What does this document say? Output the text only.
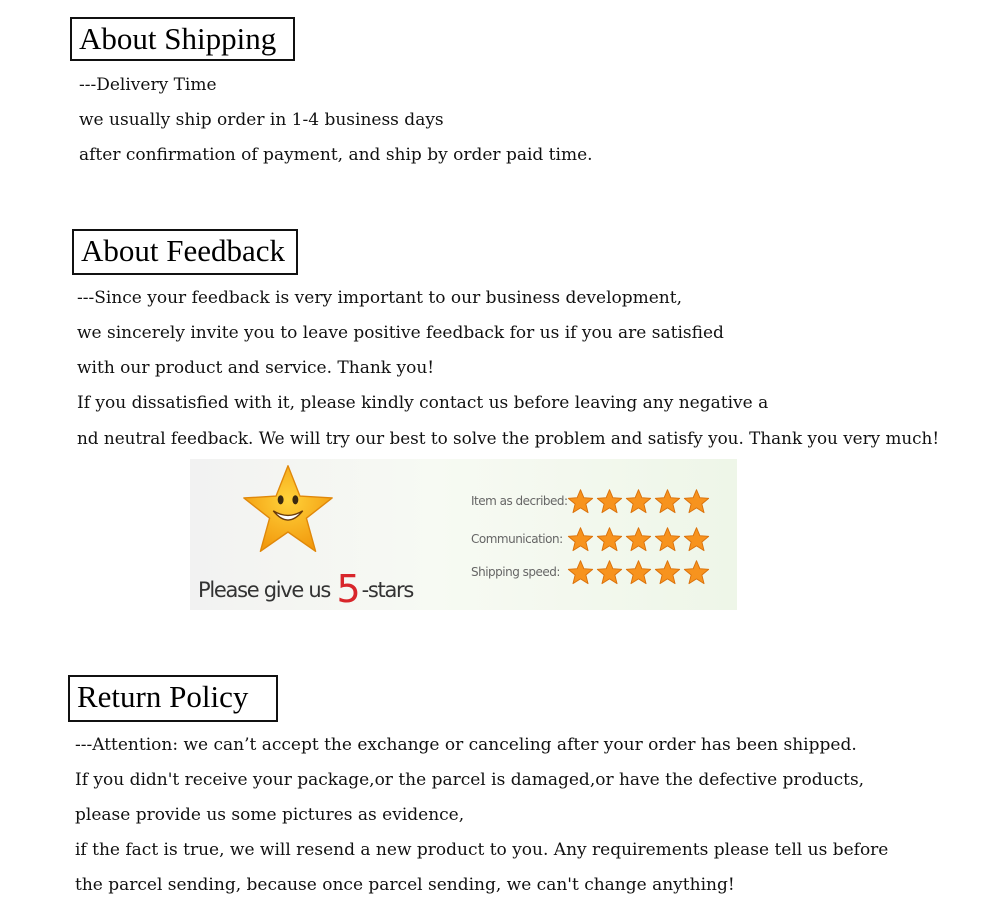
About Shipping
---Delivery Time
we usually ship order in 1-4 business days
after confirmation of payment, and ship by order paid time.
About Feedback
---Since your feedback is very important to our business development,
we sincerely invite you to leave positive feedback for us if you are satisfied
with our product and service. Thank you!
If you dissatisfied with it, please kindly contact us before leaving any negative a
nd neutral feedback. We will try our best to solve the problem and satisfy you. Thank you very much!
Please give us 5-stars
Item as decribed:
Communication:
Shipping speed:
Return Policy
---Attention: we can’t accept the exchange or canceling after your order has been shipped.
If you didn't receive your package,or the parcel is damaged,or have the defective products,
please provide us some pictures as evidence,
if the fact is true, we will resend a new product to you. Any requirements please tell us before
the parcel sending, because once parcel sending, we can't change anything!
